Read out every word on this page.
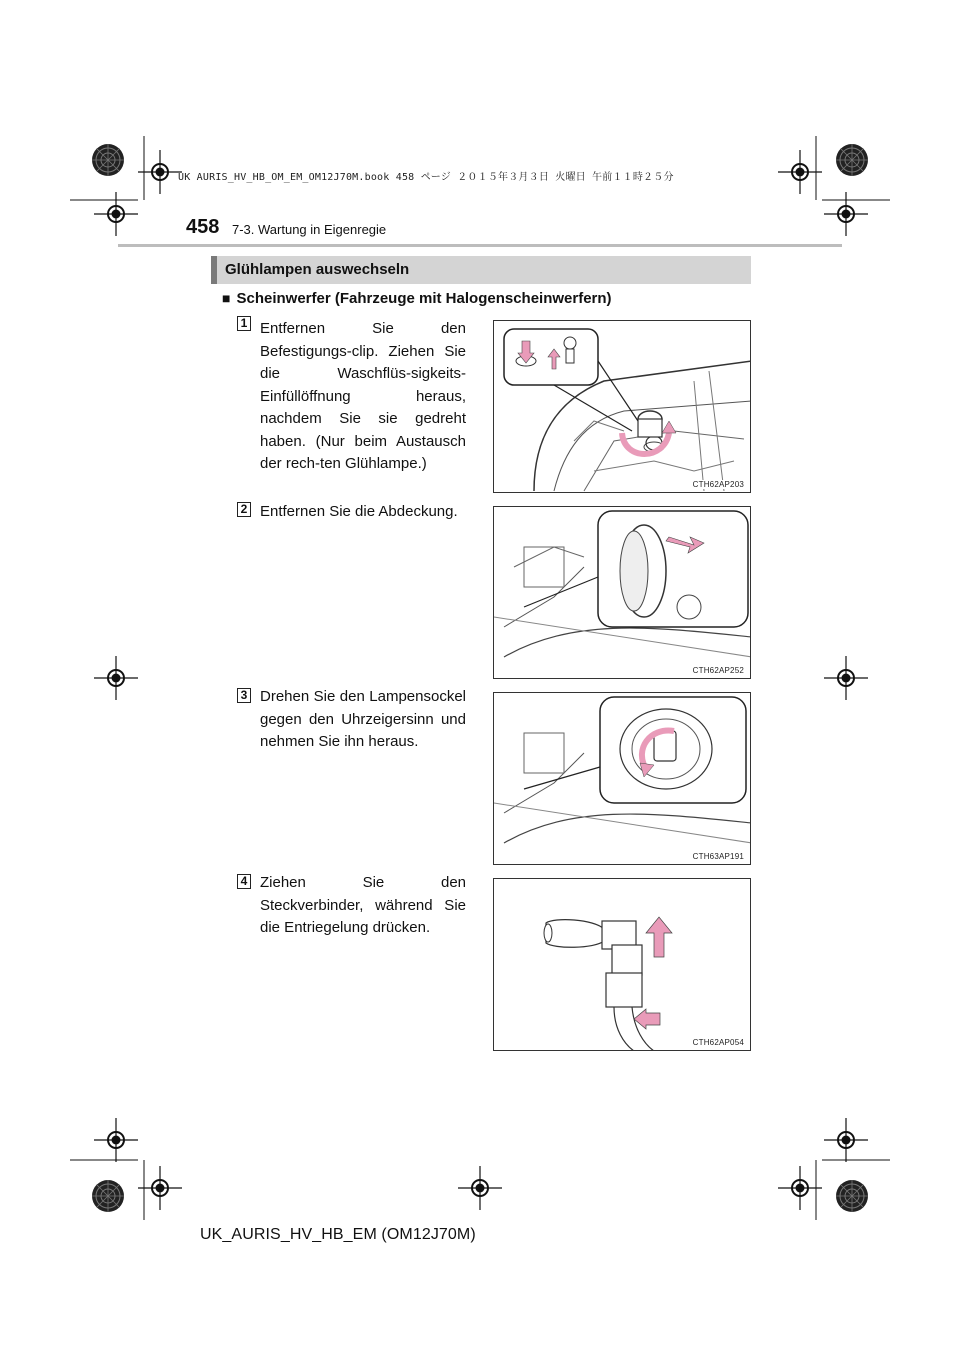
UK AURIS_HV_HB_OM_EM_OM12J70M.book 458 ページ ２０１５年３月３日 火曜日 午前１１時２５分
458 7-3. Wartung in Eigenregie
Glühlampen auswechseln
■ Scheinwerfer (Fahrzeuge mit Halogenscheinwerfern)
1 Entfernen Sie den Befestigungs-clip. Ziehen Sie die Waschflüs-sigkeits-Einfüllöffnung heraus, nachdem Sie sie gedreht haben. (Nur beim Austausch der rech-ten Glühlampe.)
CTH62AP203
2 Entfernen Sie die Abdeckung.
CTH62AP252
3 Drehen Sie den Lampensockel gegen den Uhrzeigersinn und nehmen Sie ihn heraus.
CTH63AP191
4 Ziehen Sie den Steckverbinder, während Sie die Entriegelung drücken.
CTH62AP054
UK_AURIS_HV_HB_EM (OM12J70M)
